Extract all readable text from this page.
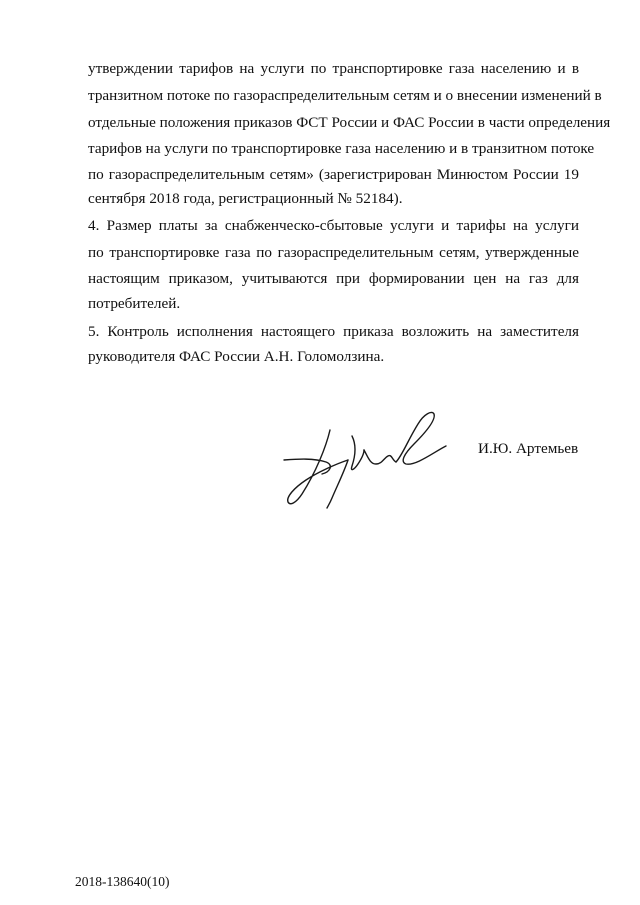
утверждении тарифов на услуги по транспортировке газа населению и в
транзитном потоке по газораспределительным сетям и о внесении изменений в
отдельные положения приказов ФСТ России и ФАС России в части определения
тарифов на услуги по транспортировке газа населению и в транзитном потоке
по газораспределительным сетям» (зарегистрирован Минюстом России 19
сентября 2018 года, регистрационный № 52184).
4. Размер платы за снабженческо-сбытовые услуги и тарифы на услуги
по транспортировке газа по газораспределительным сетям, утвержденные
настоящим приказом, учитываются при формировании цен на газ для
потребителей.
5. Контроль исполнения настоящего приказа возложить на заместителя
руководителя ФАС России А.Н. Голомолзина.
И.Ю. Артемьев
2018-138640(10)
